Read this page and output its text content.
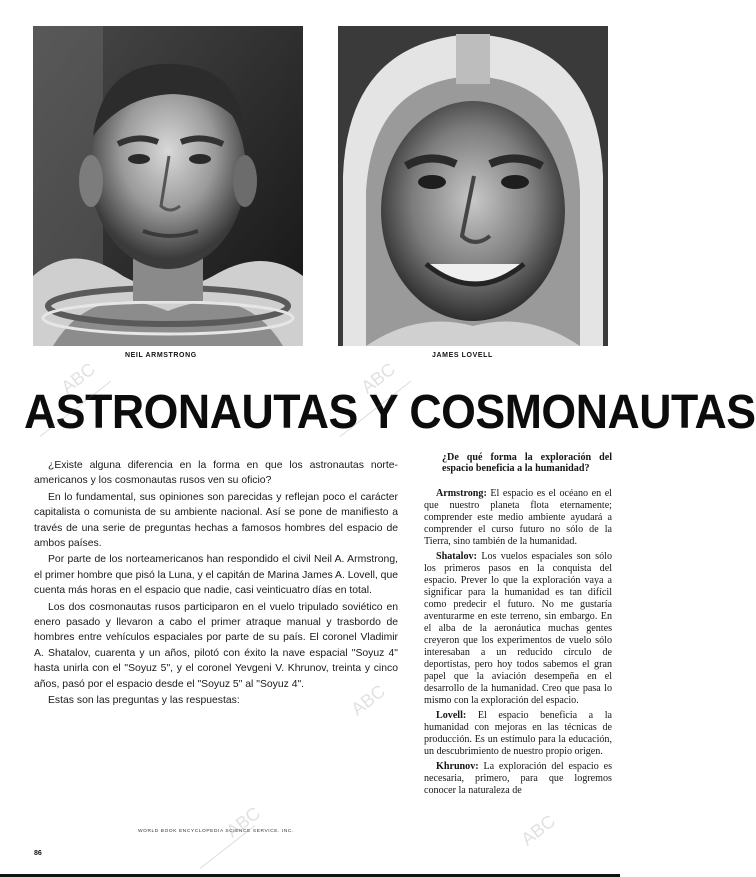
NEIL ARMSTRONG	JAMES LOVELL
ASTRONAUTAS Y COSMONAUTAS

¿Existe alguna diferencia en la forma en que los astronautas norteamericanos y los cosmonautas rusos ven su oficio?

En lo fundamental, sus opiniones son parecidas y reflejan poco el carácter capitalista o comunista de su ambiente nacional. Así se pone de manifiesto a través de una serie de preguntas hechas a famosos hombres del espacio de ambos países.

Por parte de los norteamericanos han respondido el civil Neil A. Armstrong, el primer hombre que pisó la Luna, y el capitán de Marina James A. Lovell, que cuenta más horas en el espacio que nadie, casi veinticuatro días en total.

Los dos cosmonautas rusos participaron en el vuelo tripulado soviético en enero pasado y llevaron a cabo el primer atraque manual y trasbordo de hombres entre vehículos espaciales por parte de su país. El coronel Vladimir A. Shatalov, cuarenta y un años, pilotó con éxito la nave espacial "Soyuz 4" hasta unirla con el "Soyuz 5", y el coronel Yevgeni V. Khrunov, treinta y cinco años, pasó por el espacio desde el "Soyuz 5" al "Soyuz 4".

Estas son las preguntas y las respuestas:

¿De qué forma la exploración del espacio beneficia a la humanidad?

Armstrong: El espacio es el océano en el que nuestro planeta flota eternamente; comprender este medio ambiente ayudará a comprender el curso futuro no sólo de la Tierra, sino también de la humanidad.

Shatalov: Los vuelos espaciales son sólo los primeros pasos en la conquista del espacio. Prever lo que la exploración vaya a significar para la humanidad es tan difícil como predecir el futuro. No me gustaría aventurarme en este terreno, sin embargo. En el alba de la aeronáutica muchas gentes creyeron que los experimentos de vuelo sólo interesaban a un reducido círculo de deportistas, pero hoy todos sabemos el gran papel que la aviación desempeña en el desarrollo de la humanidad. Creo que pasa lo mismo con la exploración del espacio.

Lovell: El espacio beneficia a la humanidad con mejoras en las técnicas de producción. Es un estímulo para la educación, un descubrimiento de nuestro propio origen.

Khrunov: La exploración del espacio es necesaria, primero, para que logremos conocer la naturaleza de

WORLD BOOK ENCYCLOPEDIA SCIENCE SERVICE. INC.
86
ABC	ABC
ABC
ABC	ABC
